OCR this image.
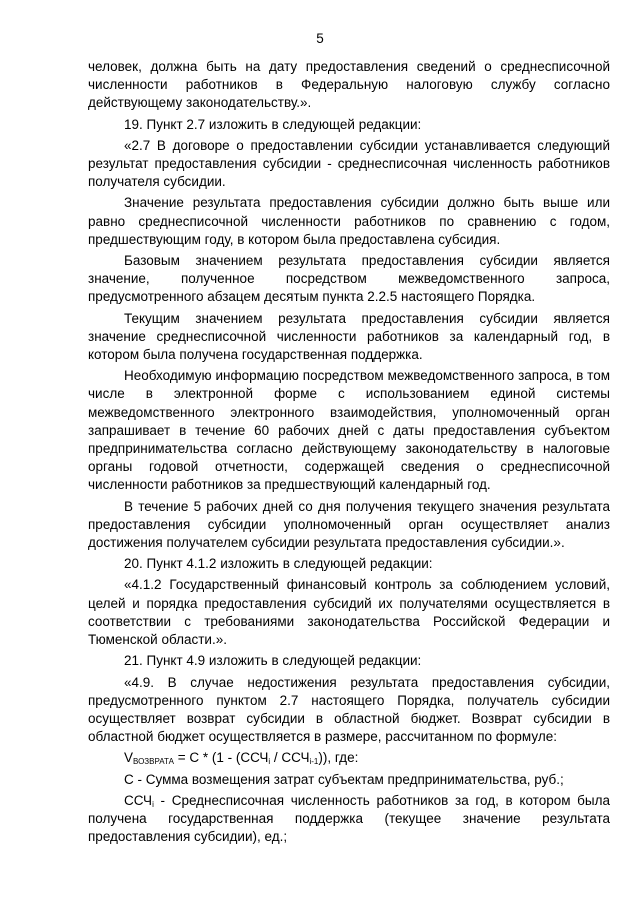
5

человек, должна быть на дату предоставления сведений о среднесписочной численности работников в Федеральную налоговую службу согласно действующему законодательству.».

19. Пункт 2.7 изложить в следующей редакции:

«2.7 В договоре о предоставлении субсидии устанавливается следующий результат предоставления субсидии - среднесписочная численность работников получателя субсидии.

Значение результата предоставления субсидии должно быть выше или равно среднесписочной численности работников по сравнению с годом, предшествующим году, в котором была предоставлена субсидия.

Базовым значением результата предоставления субсидии является значение, полученное посредством межведомственного запроса, предусмотренного абзацем десятым пункта 2.2.5 настоящего Порядка.

Текущим значением результата предоставления субсидии является значение среднесписочной численности работников за календарный год, в котором была получена государственная поддержка.

Необходимую информацию посредством межведомственного запроса, в том числе в электронной форме с использованием единой системы межведомственного электронного взаимодействия, уполномоченный орган запрашивает в течение 60 рабочих дней с даты предоставления субъектом предпринимательства согласно действующему законодательству в налоговые органы годовой отчетности, содержащей сведения о среднесписочной численности работников за предшествующий календарный год.

В течение 5 рабочих дней со дня получения текущего значения результата предоставления субсидии уполномоченный орган осуществляет анализ достижения получателем субсидии результата предоставления субсидии.».

20. Пункт 4.1.2 изложить в следующей редакции:

«4.1.2 Государственный финансовый контроль за соблюдением условий, целей и порядка предоставления субсидий их получателями осуществляется в соответствии с требованиями законодательства Российской Федерации и Тюменской области.».

21. Пункт 4.9 изложить в следующей редакции:

«4.9. В случае недостижения результата предоставления субсидии, предусмотренного пунктом 2.7 настоящего Порядка, получатель субсидии осуществляет возврат субсидии в областной бюджет. Возврат субсидии в областной бюджет осуществляется в размере, рассчитанном по формуле:

$V_{ВОЗВРАТА} = C * (1 - (ССЧ_i / ССЧ_{i-1}))$, где:

С - Сумма возмещения затрат субъектам предпринимательства, руб.;

$ССЧ_i$ - Среднесписочная численность работников за год, в котором была получена государственная поддержка (текущее значение результата предоставления субсидии), ед.;
